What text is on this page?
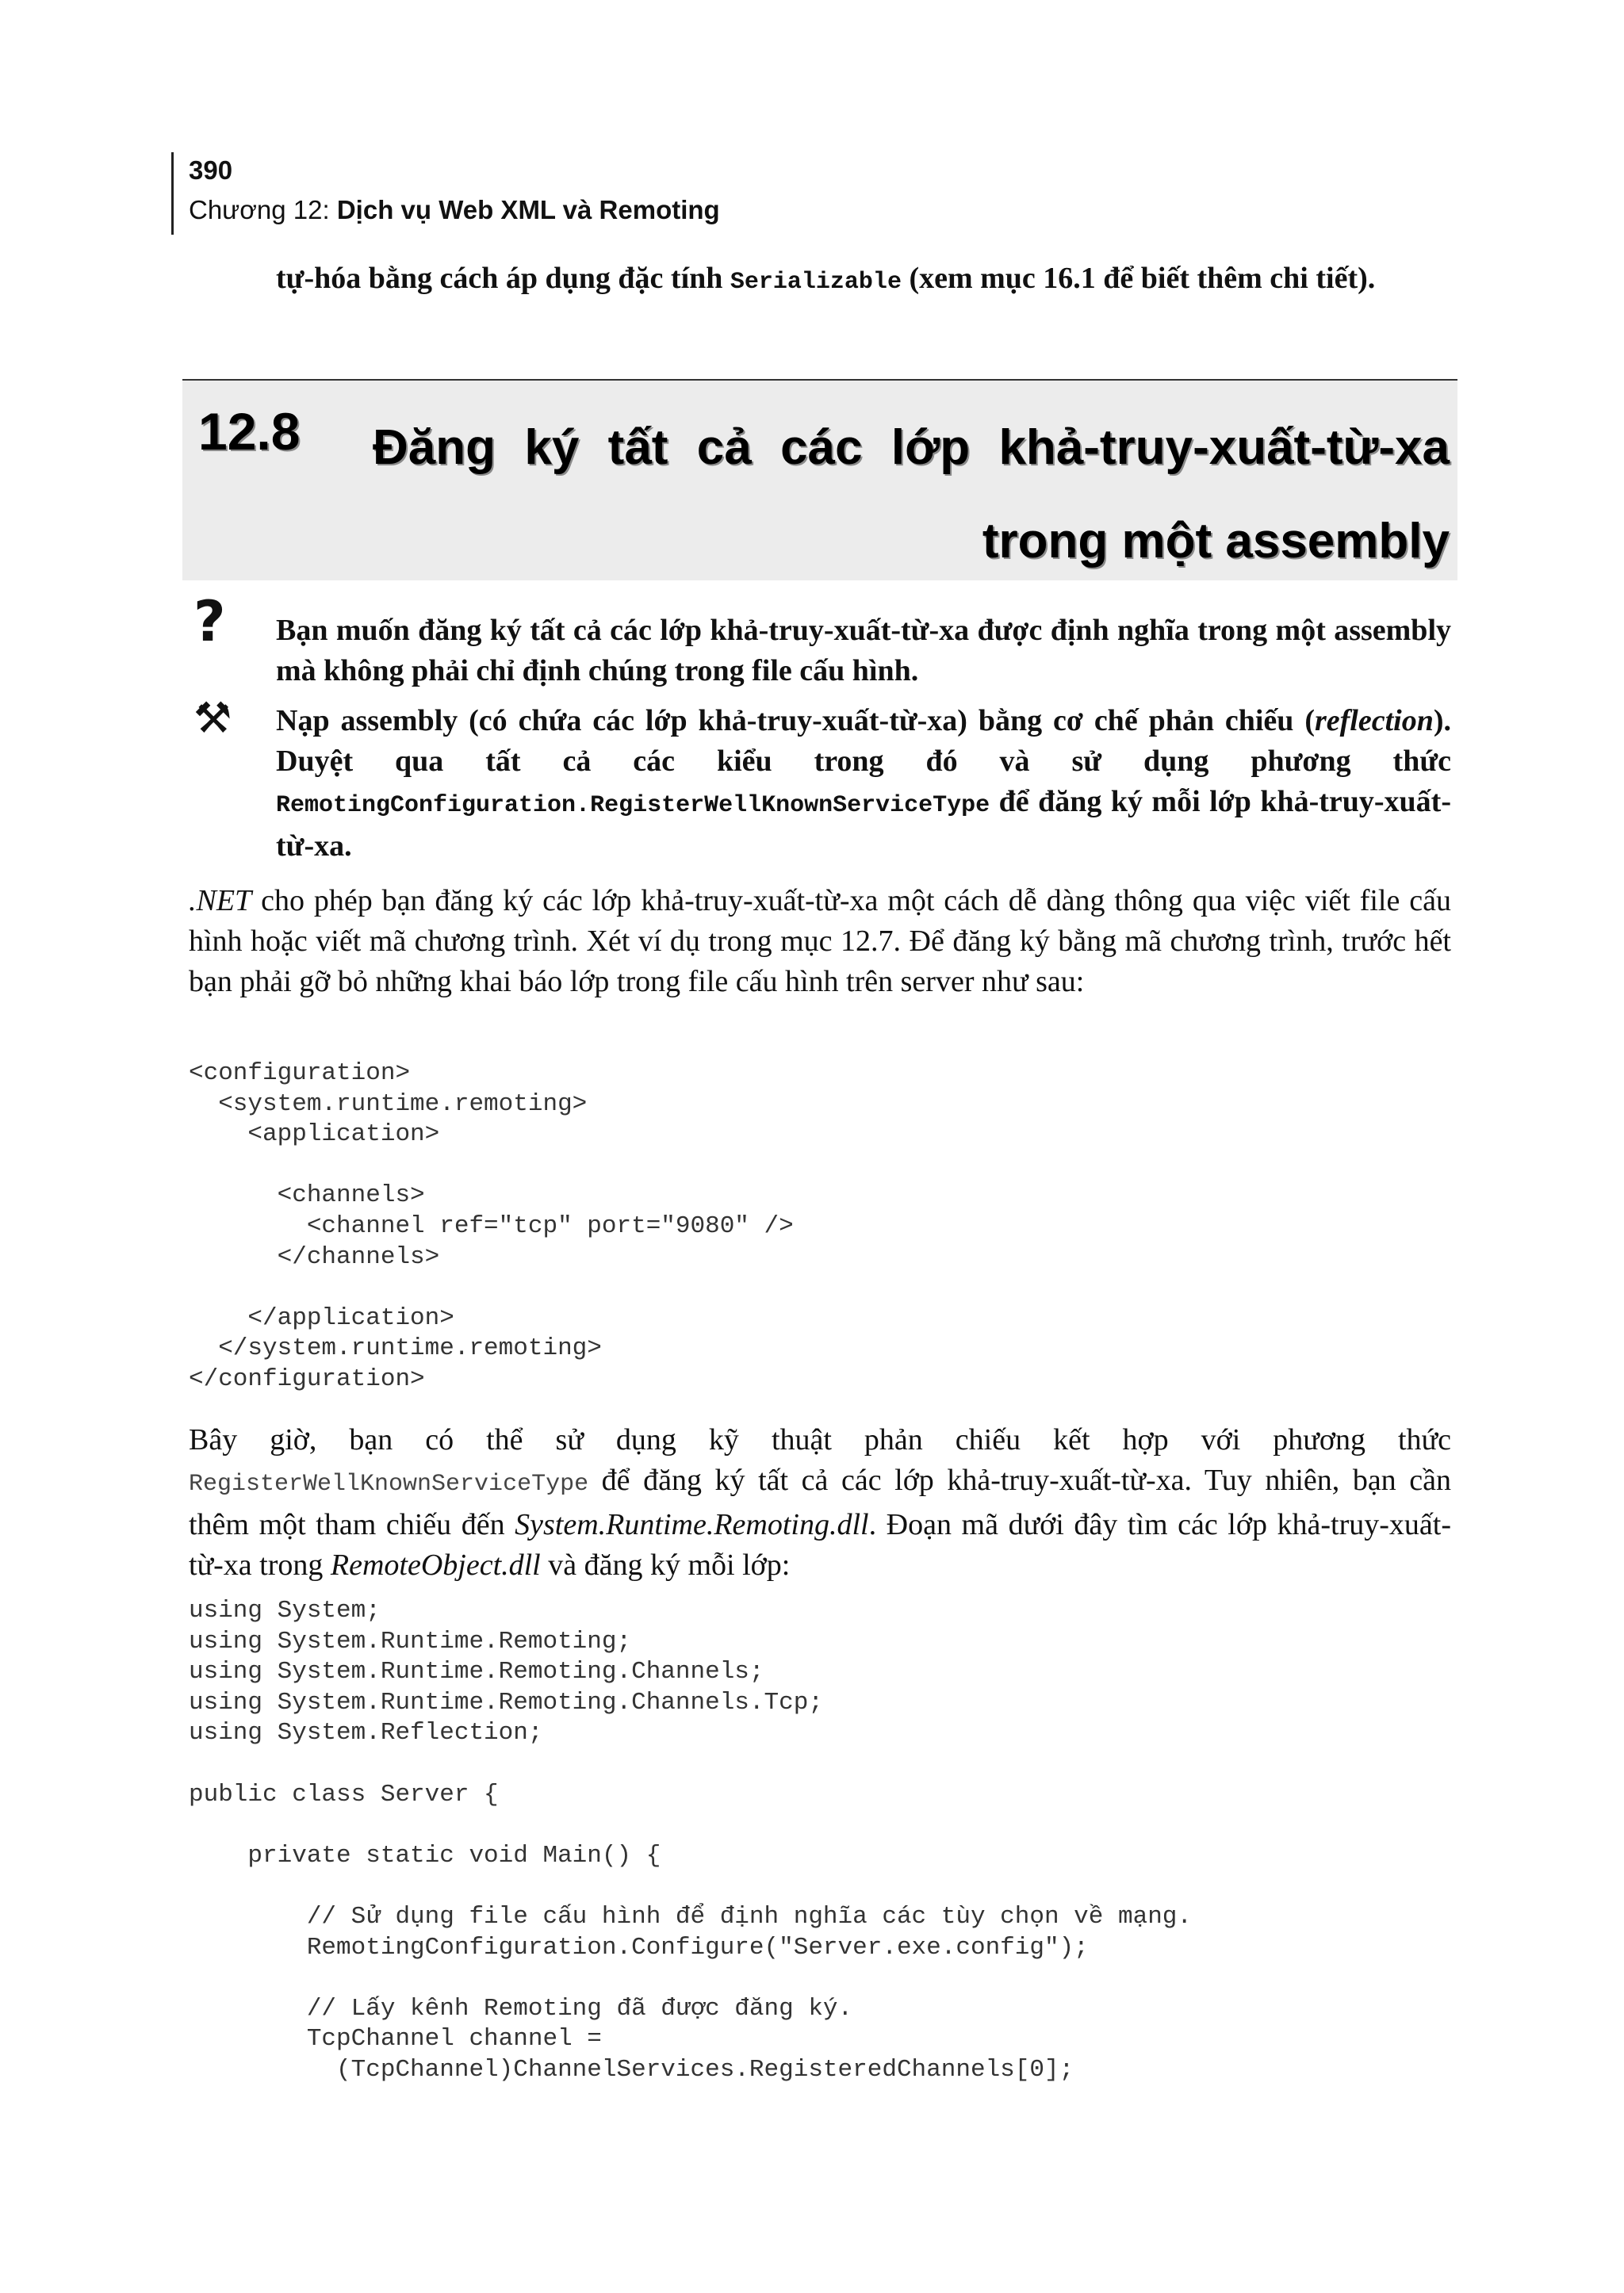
390
Chương 12: Dịch vụ Web XML và Remoting
tự-hóa bằng cách áp dụng đặc tính Serializable (xem mục 16.1 để biết thêm chi tiết).
12.8 Đăng ký tất cả các lớp khả-truy-xuất-từ-xa trong một assembly
?	Bạn muốn đăng ký tất cả các lớp khả-truy-xuất-từ-xa được định nghĩa trong một assembly mà không phải chỉ định chúng trong file cấu hình.
⚒	Nạp assembly (có chứa các lớp khả-truy-xuất-từ-xa) bằng cơ chế phản chiếu (reflection). Duyệt qua tất cả các kiểu trong đó và sử dụng phương thức RemotingConfiguration.RegisterWellKnownServiceType để đăng ký mỗi lớp khả-truy-xuất-từ-xa.
.NET cho phép bạn đăng ký các lớp khả-truy-xuất-từ-xa một cách dễ dàng thông qua việc viết file cấu hình hoặc viết mã chương trình. Xét ví dụ trong mục 12.7. Để đăng ký bằng mã chương trình, trước hết bạn phải gỡ bỏ những khai báo lớp trong file cấu hình trên server như sau:
<configuration>
<system.runtime.remoting>
<application>

<channels>
<channel ref="tcp" port="9080" />
</channels>

</application>
</system.runtime.remoting>
</configuration>
Bây giờ, bạn có thể sử dụng kỹ thuật phản chiếu kết hợp với phương thức RegisterWellKnownServiceType để đăng ký tất cả các lớp khả-truy-xuất-từ-xa. Tuy nhiên, bạn cần thêm một tham chiếu đến System.Runtime.Remoting.dll. Đoạn mã dưới đây tìm các lớp khả-truy-xuất-từ-xa trong RemoteObject.dll và đăng ký mỗi lớp:
using System;
using System.Runtime.Remoting;
using System.Runtime.Remoting.Channels;
using System.Runtime.Remoting.Channels.Tcp;
using System.Reflection;

public class Server {

private static void Main() {

// Sử dụng file cấu hình để định nghĩa các tùy chọn về mạng.
RemotingConfiguration.Configure("Server.exe.config");

// Lấy kênh Remoting đã được đăng ký.
TcpChannel channel =
(TcpChannel)ChannelServices.RegisteredChannels[0];
